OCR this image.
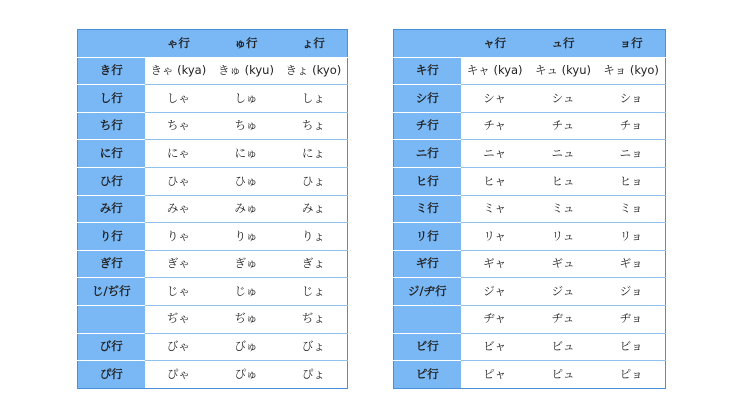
	ゃ行	ゅ行	ょ行
き行	きゃ (kya)	きゅ (kyu)	きょ (kyo)
し行	しゃ	しゅ	しょ
ち行	ちゃ	ちゅ	ちょ
に行	にゃ	にゅ	にょ
ひ行	ひゃ	ひゅ	ひょ
み行	みゃ	みゅ	みょ
り行	りゃ	りゅ	りょ
ぎ行	ぎゃ	ぎゅ	ぎょ
じ/ぢ行	じゃ	じゅ	じょ
	ぢゃ	ぢゅ	ぢょ
び行	びゃ	びゅ	びょ
ぴ行	ぴゃ	ぴゅ	ぴょ
	ャ行	ュ行	ョ行
キ行	キャ (kya)	キュ (kyu)	キョ (kyo)
シ行	シャ	シュ	ショ
チ行	チャ	チュ	チョ
ニ行	ニャ	ニュ	ニョ
ヒ行	ヒャ	ヒュ	ヒョ
ミ行	ミャ	ミュ	ミョ
リ行	リャ	リュ	リョ
ギ行	ギャ	ギュ	ギョ
ジ/ヂ行	ジャ	ジュ	ジョ
	ヂャ	ヂュ	ヂョ
ビ行	ビャ	ビュ	ビョ
ピ行	ピャ	ピュ	ピョ
